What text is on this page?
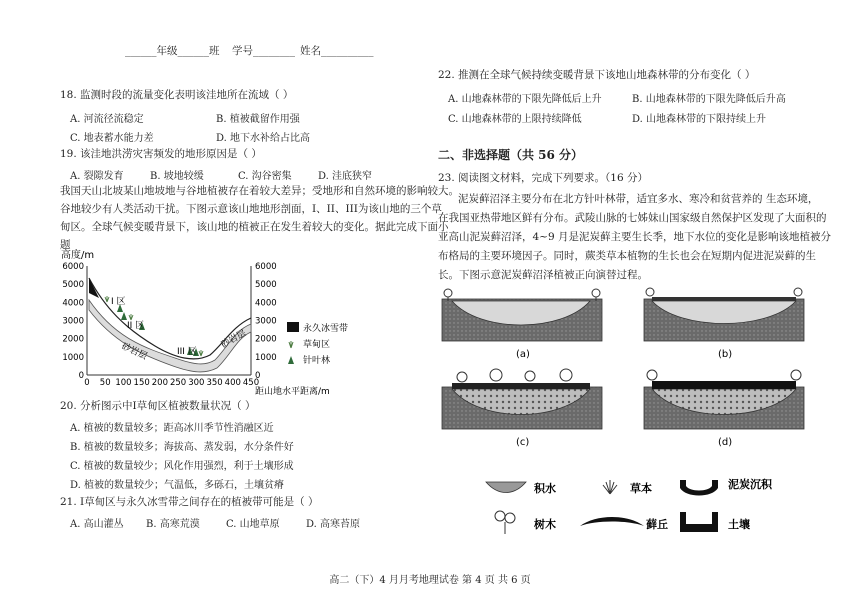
______年级______班 学号________ 姓名__________
18. 监测时段的流量变化表明该洼地所在流域（ ）
A. 河流径流稳定	B. 植被截留作用强
C. 地表蓄水能力差	D. 地下水补给占比高
19. 该洼地洪涝灾害频发的地形原因是（ ）
A. 裂隙发育	B. 坡地较缓	C. 沟谷密集	D. 洼底狭窄
我国天山北坡某山地坡地与谷地植被存在着较大差异；受地形和自然环境的影响较大。
谷地较少有人类活动干扰。下图示意该山地地形剖面，I、II、III为该山地的三个草
甸区。全球气候变暖背景下，该山地的植被正在发生着较大的变化。据此完成下面小
题
高度/m
6000
5000
4000
3000
2000
1000
0
6000
5000
4000
3000
2000
1000
0
0 50 100 150 200 250 300 350 400 450
I 区
II 区
III 区
砂岩层
砂岩层
距山地水平距离/m
永久冰雪带
草甸区
针叶林
20. 分析图示中Ⅰ草甸区植被数量状况（ ）
A. 植被的数量较多；距高冰川季节性消融区近
B. 植被的数量较多；海拔高、蒸发弱，水分条件好
C. 植被的数量较少；风化作用强烈，利于土壤形成
D. 植被的数量较少；气温低，多砾石，土壤贫瘠
21. Ⅰ草甸区与永久冰雪带之间存在的植被带可能是（ ）
A. 高山灌丛 B. 高寒荒漠	C. 山地草原	D. 高寒苔原
22. 推测在全球气候持续变暖背景下该地山地森林带的分布变化（ ）
A. 山地森林带的下限先降低后上升	B. 山地森林带的下限先降低后升高
C. 山地森林带的上限持续降低	D. 山地森林带的下限持续上升
二、非选择题（共 56 分）
23. 阅读图文材料，完成下列要求。（16 分）
泥炭藓沼泽主要分布在北方针叶林带，适宜多水、寒冷和贫营养的 生态环境，
在我国亚热带地区鲜有分布。武陵山脉的七姊妹山国家级自然保护区发现了大面积的
亚高山泥炭藓沼泽，4~9 月是泥炭藓主要生长季，地下水位的变化是影响该地植被分
布格局的主要环境因子。同时，蕨类草本植物的生长也会在短期内促进泥炭藓的生
长。下图示意泥炭藓沼泽植被正向演替过程。
(a)	(b)
(c)	(d)
积水	草本	泥炭沉积
树木	藓丘	土壤
高二（下）4 月月考地理试卷 第 4 页 共 6 页
